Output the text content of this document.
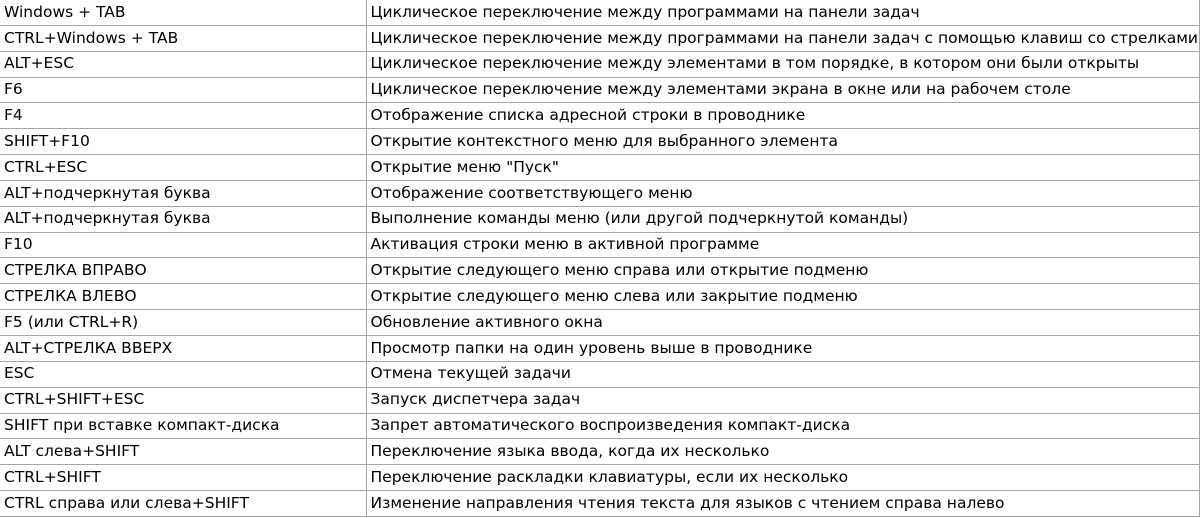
Windows + TAB	Циклическое переключение между программами на панели задач
CTRL+Windows + TAB	Циклическое переключение между программами на панели задач с помощью клавиш со стрелками
ALT+ESC	Циклическое переключение между элементами в том порядке, в котором они были открыты
F6	Циклическое переключение между элементами экрана в окне или на рабочем столе
F4	Отображение списка адресной строки в проводнике
SHIFT+F10	Открытие контекстного меню для выбранного элемента
CTRL+ESC	Открытие меню "Пуск"
ALT+подчеркнутая буква	Отображение соответствующего меню
ALT+подчеркнутая буква	Выполнение команды меню (или другой подчеркнутой команды)
F10	Активация строки меню в активной программе
СТРЕЛКА ВПРАВО	Открытие следующего меню справа или открытие подменю
СТРЕЛКА ВЛЕВО	Открытие следующего меню слева или закрытие подменю
F5 (или CTRL+R)	Обновление активного окна
ALT+СТРЕЛКА ВВЕРХ	Просмотр папки на один уровень выше в проводнике
ESC	Отмена текущей задачи
CTRL+SHIFT+ESC	Запуск диспетчера задач
SHIFT при вставке компакт-диска	Запрет автоматического воспроизведения компакт-диска
ALT слева+SHIFT	Переключение языка ввода, когда их несколько
CTRL+SHIFT	Переключение раскладки клавиатуры, если их несколько
CTRL справа или слева+SHIFT	Изменение направления чтения текста для языков с чтением справа налево
